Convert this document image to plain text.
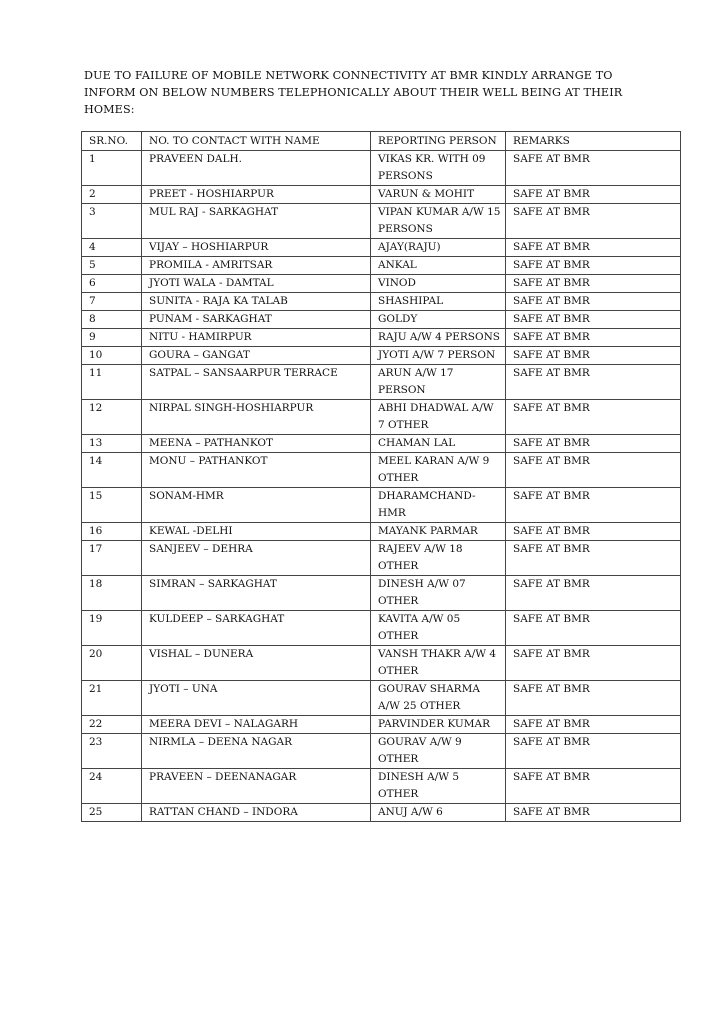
DUE TO FAILURE OF MOBILE NETWORK CONNECTIVITY AT BMR KINDLY ARRANGE TO INFORM ON BELOW NUMBERS TELEPHONICALLY ABOUT THEIR WELL BEING AT THEIR HOMES:
SR.NO.	NO. TO CONTACT WITH NAME	REPORTING PERSON	REMARKS
1	PRAVEEN DALH.	VIKAS KR. WITH 09 PERSONS	SAFE AT BMR
2	PREET - HOSHIARPUR	VARUN & MOHIT	SAFE AT BMR
3	MUL RAJ - SARKAGHAT	VIPAN KUMAR A/W 15 PERSONS	SAFE AT BMR
4	VIJAY – HOSHIARPUR	AJAY(RAJU)	SAFE AT BMR
5	PROMILA - AMRITSAR	ANKAL	SAFE AT BMR
6	JYOTI WALA - DAMTAL	VINOD	SAFE AT BMR
7	SUNITA - RAJA KA TALAB	SHASHIPAL	SAFE AT BMR
8	PUNAM - SARKAGHAT	GOLDY	SAFE AT BMR
9	NITU - HAMIRPUR	RAJU A/W 4 PERSONS	SAFE AT BMR
10	GOURA – GANGAT	JYOTI A/W 7 PERSON	SAFE AT BMR
11	SATPAL – SANSAARPUR TERRACE	ARUN A/W 17 PERSON	SAFE AT BMR
12	NIRPAL SINGH-HOSHIARPUR	ABHI DHADWAL A/W 7 OTHER	SAFE AT BMR
13	MEENA – PATHANKOT	CHAMAN LAL	SAFE AT BMR
14	MONU – PATHANKOT	MEEL KARAN A/W 9 OTHER	SAFE AT BMR
15	SONAM-HMR	DHARAMCHAND-HMR	SAFE AT BMR
16	KEWAL -DELHI	MAYANK PARMAR	SAFE AT BMR
17	SANJEEV – DEHRA	RAJEEV A/W 18 OTHER	SAFE AT BMR
18	SIMRAN – SARKAGHAT	DINESH A/W 07 OTHER	SAFE AT BMR
19	KULDEEP – SARKAGHAT	KAVITA A/W 05 OTHER	SAFE AT BMR
20	VISHAL – DUNERA	VANSH THAKR A/W 4 OTHER	SAFE AT BMR
21	JYOTI – UNA	GOURAV SHARMA A/W 25 OTHER	SAFE AT BMR
22	MEERA DEVI – NALAGARH	PARVINDER KUMAR	SAFE AT BMR
23	NIRMLA – DEENA NAGAR	GOURAV A/W 9 OTHER	SAFE AT BMR
24	PRAVEEN – DEENANAGAR	DINESH A/W 5 OTHER	SAFE AT BMR
25	RATTAN CHAND – INDORA	ANUJ A/W 6	SAFE AT BMR
